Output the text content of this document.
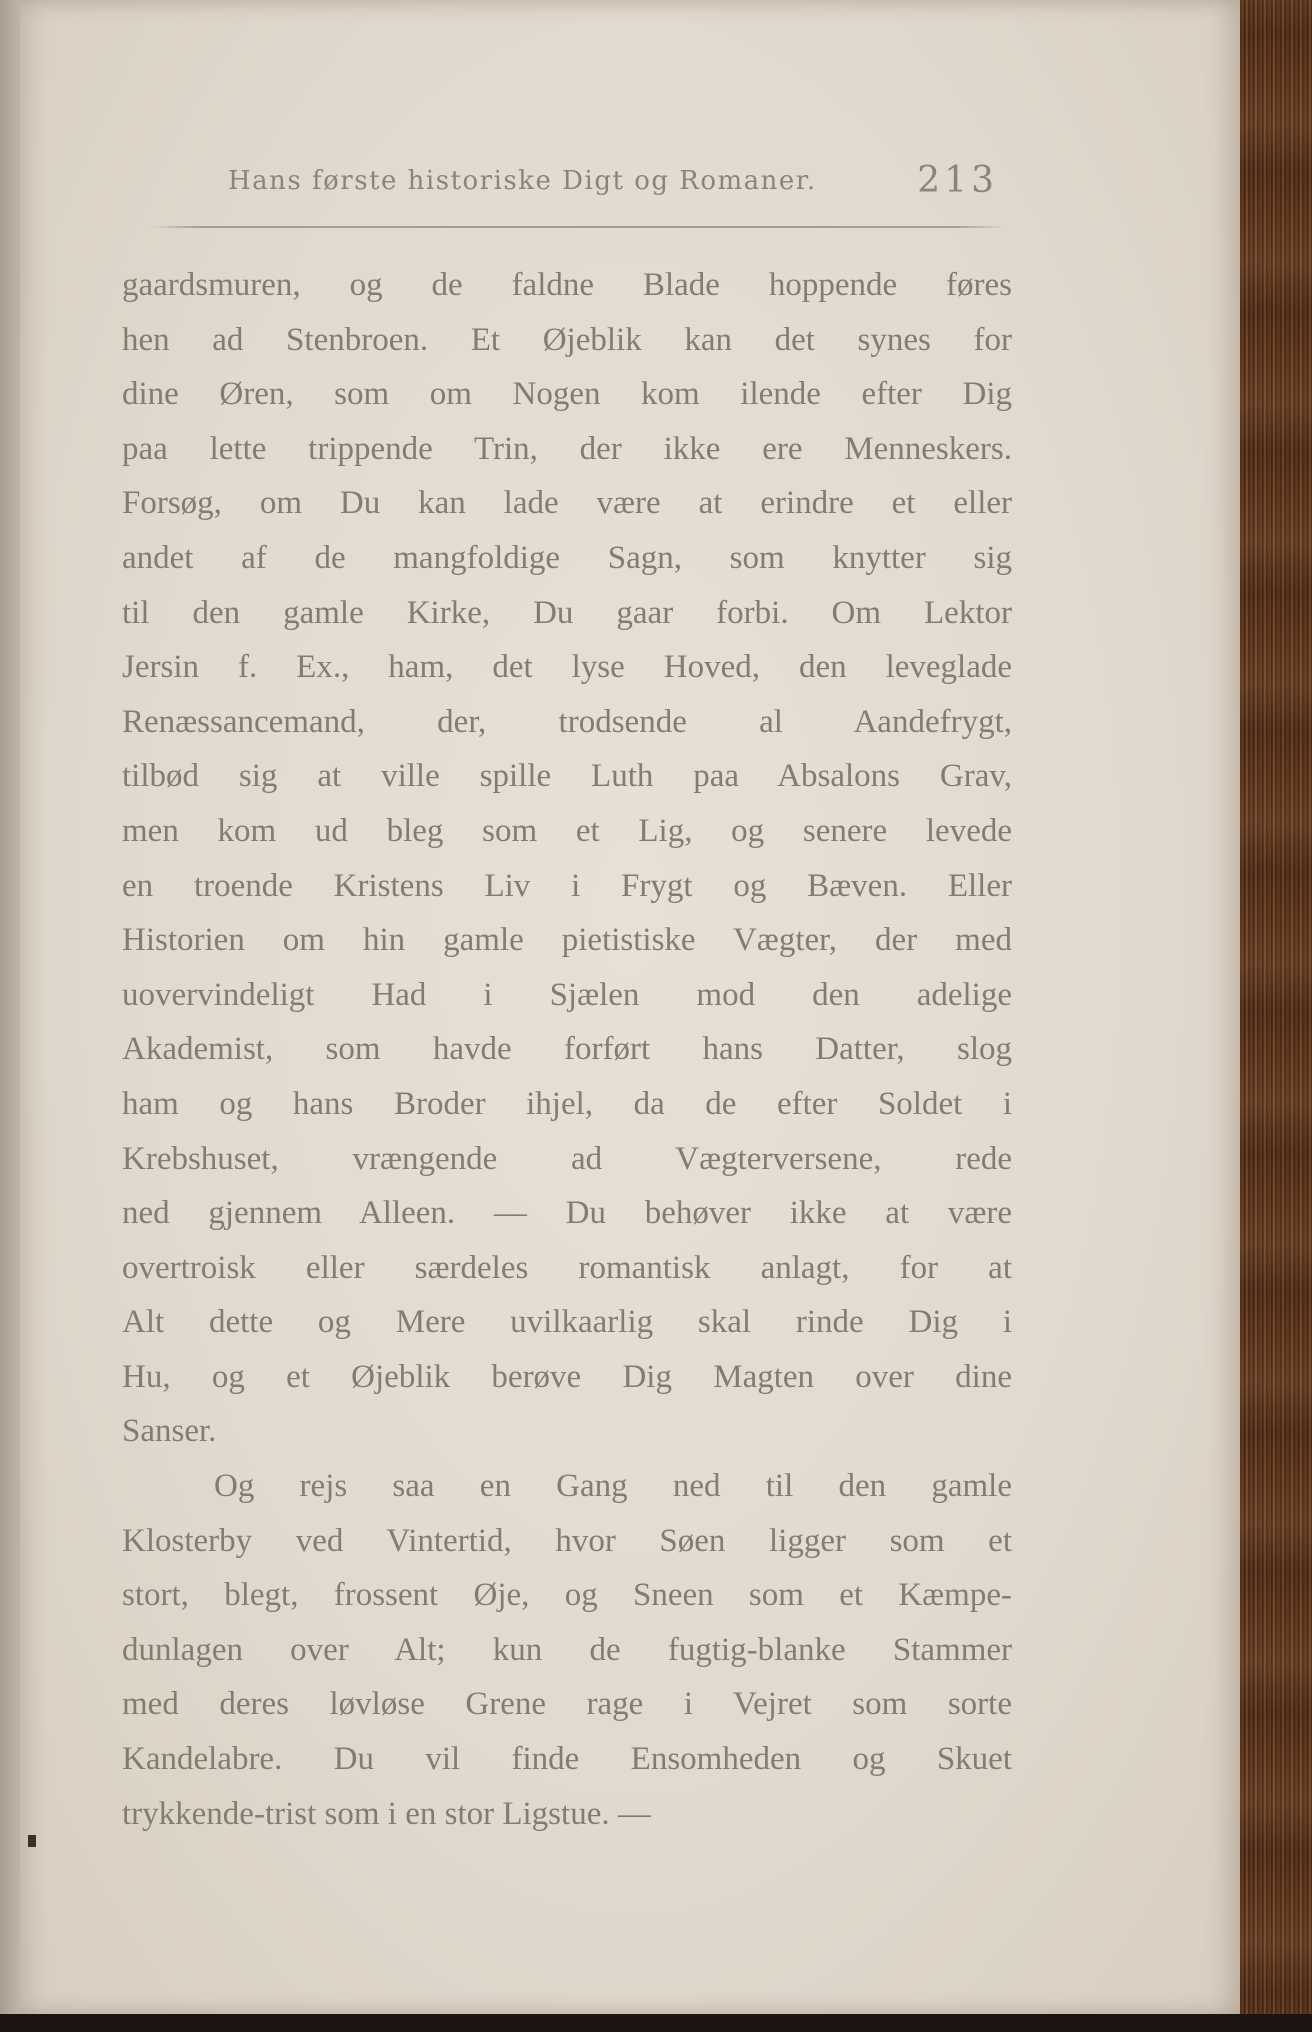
Hans første historiske Digt og Romaner.	213
gaardsmuren, og de faldne Blade hoppende føres
hen ad Stenbroen. Et Øjeblik kan det synes for
dine Øren, som om Nogen kom ilende efter Dig
paa lette trippende Trin, der ikke ere Menneskers.
Forsøg, om Du kan lade være at erindre et eller
andet af de mangfoldige Sagn, som knytter sig
til den gamle Kirke, Du gaar forbi. Om Lektor
Jersin f. Ex., ham, det lyse Hoved, den leveglade
Renæssancemand, der, trodsende al Aandefrygt,
tilbød sig at ville spille Luth paa Absalons Grav,
men kom ud bleg som et Lig, og senere levede
en troende Kristens Liv i Frygt og Bæven. Eller
Historien om hin gamle pietistiske Vægter, der med
uovervindeligt Had i Sjælen mod den adelige
Akademist, som havde forført hans Datter, slog
ham og hans Broder ihjel, da de efter Soldet i
Krebshuset, vrængende ad Vægterversene, rede
ned gjennem Alleen. — Du behøver ikke at være
overtroisk eller særdeles romantisk anlagt, for at
Alt dette og Mere uvilkaarlig skal rinde Dig i
Hu, og et Øjeblik berøve Dig Magten over dine
Sanser.
Og rejs saa en Gang ned til den gamle
Klosterby ved Vintertid, hvor Søen ligger som et
stort, blegt, frossent Øje, og Sneen som et Kæmpe-
dunlagen over Alt; kun de fugtig-blanke Stammer
med deres løvløse Grene rage i Vejret som sorte
Kandelabre. Du vil finde Ensomheden og Skuet
trykkende-trist som i en stor Ligstue. —
